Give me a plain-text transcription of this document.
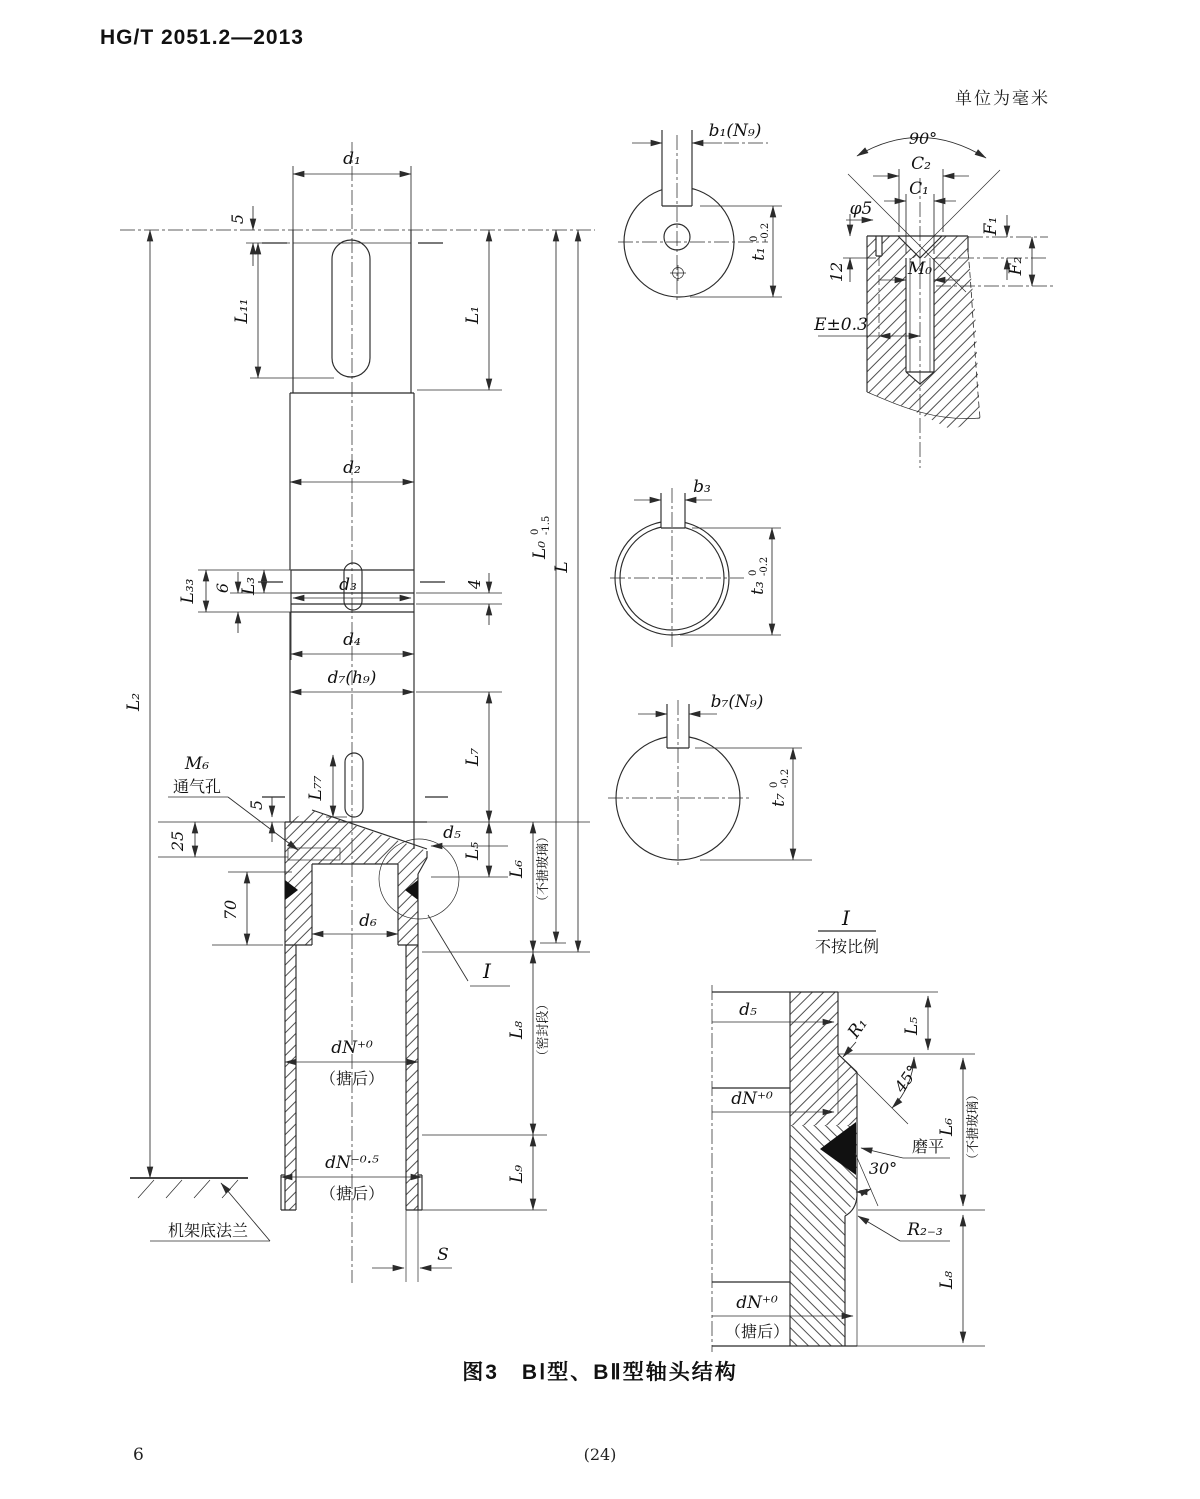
HG/T 2051.2—2013
单位为毫米
图3　BⅠ型、BⅡ型轴头结构
6	(24)
d₁
5
L₁₁	L₁
d₂
L₃₃ 6 L₃	d₃	4
d₄
d₇(h₉)
L₇
L₇₇
5
25
70
M₆
通气孔
d₅
d₆
I
dN⁺⁰
（搪后）
dN⁻⁰·⁵
（搪后）
S
L₅
L₆ （不搪玻璃）
L₈ （密封段）
L₉
L₀
0 -1.5
L
L₂
机架底法兰
b₁(N₉)
t₁
0 -0.2
b₃
t₃
0 -0.2
b₇(N₉)
t₇
0 -0.2
90°
C₂
C₁
φ5
12	M₀
E±0.3
F₁
F₂
I
不按比例
d₅
dN⁺⁰
R₁
45°
磨平
30°
R₂₋₃
L₅
L₆ （不搪玻璃）
L₈
dN⁺⁰
（搪后）
